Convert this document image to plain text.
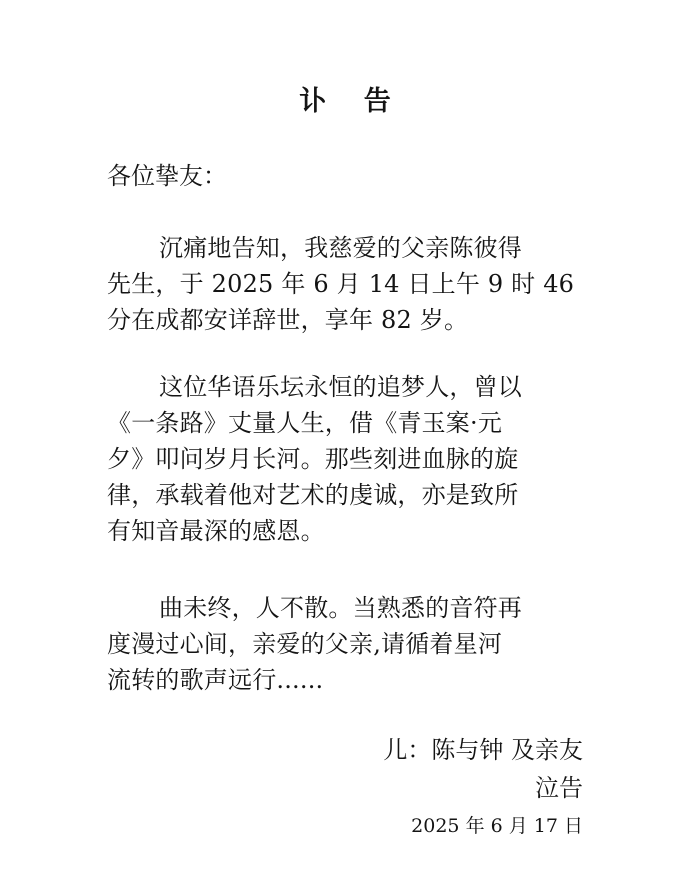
讣 告
各位挚友：
沉痛地告知，我慈爱的父亲陈彼得
先生，于 2025 年 6 月 14 日上午 9 时 46
分在成都安详辞世，享年 82 岁。
这位华语乐坛永恒的追梦人，曾以
《一条路》丈量人生，借《青玉案·元
夕》叩问岁月长河。那些刻进血脉的旋
律，承载着他对艺术的虔诚，亦是致所
有知音最深的感恩。
曲未终，人不散。当熟悉的音符再
度漫过心间，亲爱的父亲,请循着星河
流转的歌声远行......
儿：陈与钟 及亲友
泣告
2025 年 6 月 17 日
